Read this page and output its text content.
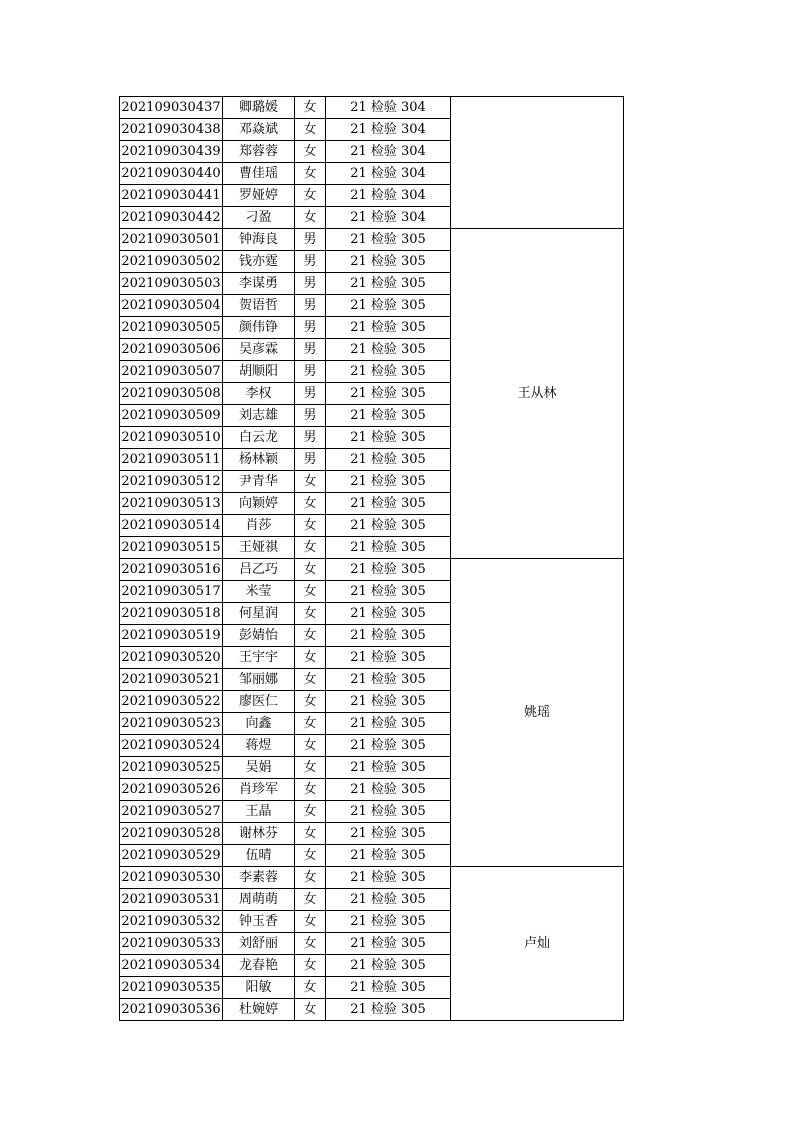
202109030437	卿璐媛	女	21 检验 304	
202109030438	邓焱斌	女	21 检验 304	
202109030439	郑蓉蓉	女	21 检验 304	
202109030440	曹佳瑶	女	21 检验 304	
202109030441	罗娅婷	女	21 检验 304	
202109030442	刁盈	女	21 检验 304	
202109030501	钟海良	男	21 检验 305	王从林
202109030502	钱亦霆	男	21 检验 305	
202109030503	李谋勇	男	21 检验 305	
202109030504	贺语哲	男	21 检验 305	
202109030505	颜伟铮	男	21 检验 305	
202109030506	吴彦霖	男	21 检验 305	
202109030507	胡顺阳	男	21 检验 305	
202109030508	李权	男	21 检验 305	
202109030509	刘志雄	男	21 检验 305	
202109030510	白云龙	男	21 检验 305	
202109030511	杨林颖	男	21 检验 305	
202109030512	尹青华	女	21 检验 305	
202109030513	向颖婷	女	21 检验 305	
202109030514	肖莎	女	21 检验 305	
202109030515	王娅祺	女	21 检验 305	
202109030516	吕乙巧	女	21 检验 305	姚瑶
202109030517	米莹	女	21 检验 305	
202109030518	何星润	女	21 检验 305	
202109030519	彭婧怡	女	21 检验 305	
202109030520	王宇宇	女	21 检验 305	
202109030521	邹丽娜	女	21 检验 305	
202109030522	廖医仁	女	21 检验 305	
202109030523	向鑫	女	21 检验 305	
202109030524	蒋煜	女	21 检验 305	
202109030525	吴娟	女	21 检验 305	
202109030526	肖珍军	女	21 检验 305	
202109030527	王晶	女	21 检验 305	
202109030528	谢林芬	女	21 检验 305	
202109030529	伍晴	女	21 检验 305	
202109030530	李素蓉	女	21 检验 305	卢灿
202109030531	周萌萌	女	21 检验 305	
202109030532	钟玉香	女	21 检验 305	
202109030533	刘舒丽	女	21 检验 305	
202109030534	龙春艳	女	21 检验 305	
202109030535	阳敏	女	21 检验 305	
202109030536	杜婉婷	女	21 检验 305	
